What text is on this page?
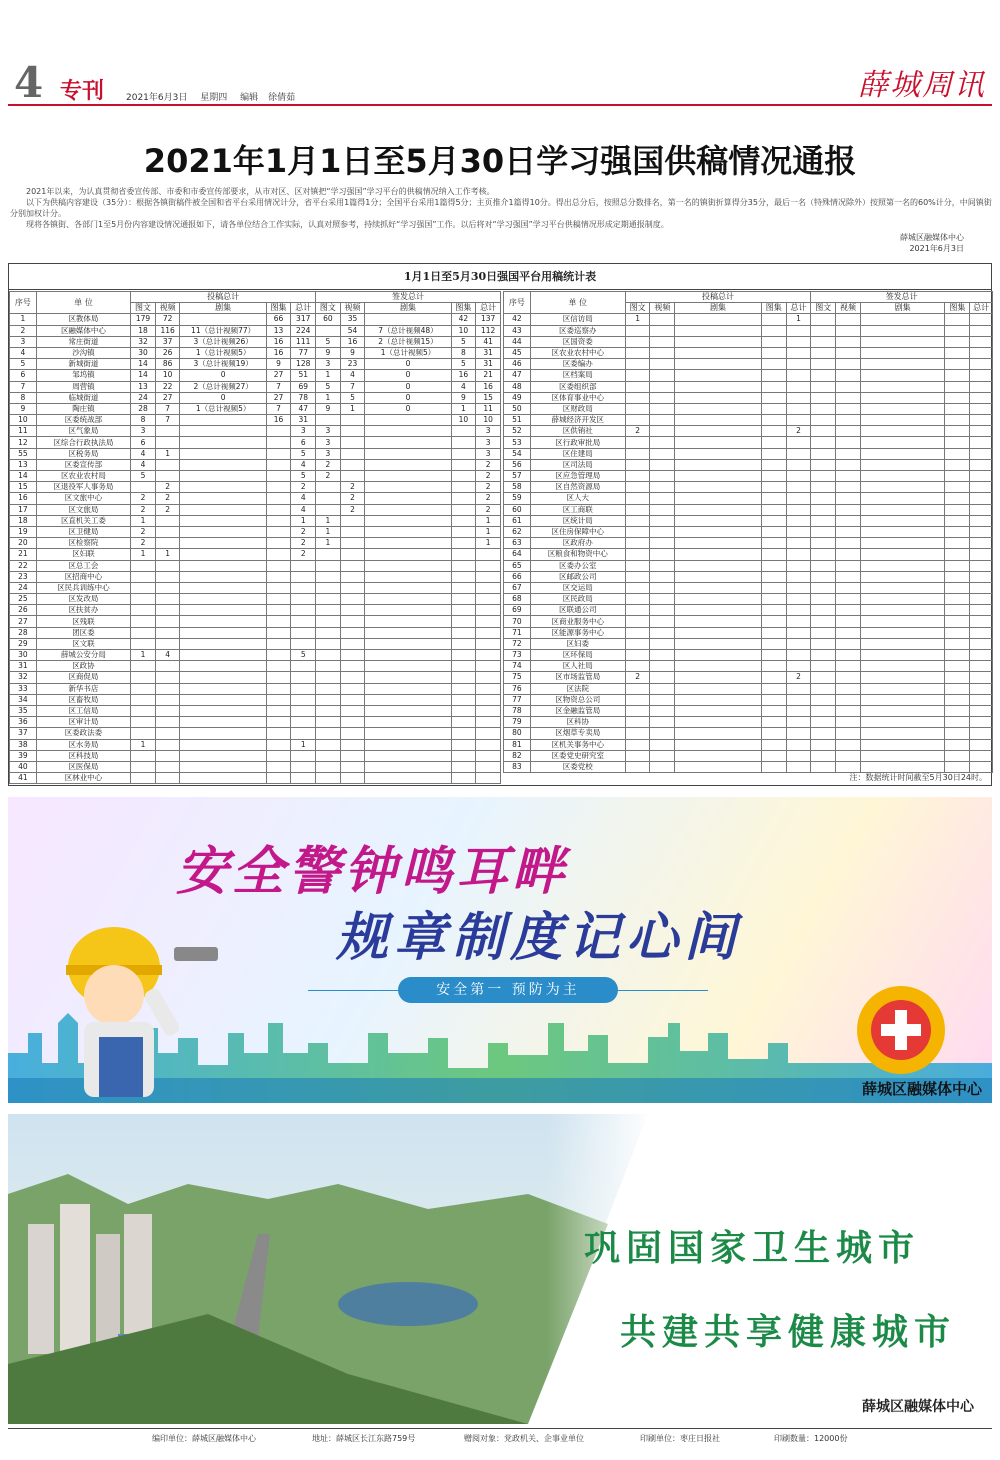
4 专刊 2021年6月3日 星期四 编辑 徐倩茹	薛城周讯
2021年1月1日至5月30日学习强国供稿情况通报

2021年以来，为认真贯彻省委宣传部、市委和市委宣传部要求，从市对区、区对镇把“学习强国”学习平台的供稿情况纳入工作考核。

以下为供稿内容建设（35分）：根据各镇街稿件被全国和省平台采用情况计分，省平台采用1篇得1分；全国平台采用1篇得5分；主页推介1篇得10分。得出总分后，按照总分数排名，第一名的镇街折算得分35分，最后一名（特殊情况除外）按照第一名的60%计分，中间镇街分别加权计分。

现将各镇街、各部门1至5月份内容建设情况通报如下，请各单位结合工作实际，认真对照参考，持续抓好“学习强国”工作。以后将对“学习强国”学习平台供稿情况形成定期通报制度。

薛城区融媒体中心
2021年6月3日
1月1日至5月30日强国平台用稿统计表
序号	单 位	投稿总计					签发总计				
		图文	视频	剧集	图集	总计	图文	视频	剧集	图集	总计
1	区教体局	179	72		66	317	60	35		42	137
2	区融媒体中心	18	116	11（总计视频77）	13	224		54	7（总计视频48）	10	112
3	常庄街道	32	37	3（总计视频26）	16	111	5	16	2（总计视频15）	5	41
4	沙沟镇	30	26	1（总计视频5）	16	77	9	9	1（总计视频5）	8	31
5	新城街道	14	86	3（总计视频19）	9	128	3	23	0	5	31
6	邹坞镇	14	10	0	27	51	1	4	0	16	21
7	周营镇	13	22	2（总计视频27）	7	69	5	7	0	4	16
8	临城街道	24	27	0	27	78	1	5	0	9	15
9	陶庄镇	28	7	1（总计视频5）	7	47	9	1	0	1	11
10	区委统战部	8	7		16	31				10	10
11	区气象局	3				3	3				3
12	区综合行政执法局	6				6	3				3
55	区税务局	4	1			5	3				3
13	区委宣传部	4				4	2				2
14	区农业农村局	5				5	2				2
15	区退役军人事务局		2			2		2			2
16	区文旅中心	2	2			4		2			2
17	区文旅局	2	2			4		2			2
18	区直机关工委	1				1	1				1
19	区卫健局	2				2	1				1
20	区检察院	2				2	1				1
21	区妇联	1	1			2					
22	区总工会										
23	区招商中心										
24	区民兵训练中心										
25	区发改局										
26	区扶贫办										
27	区残联										
28	团区委										
29	区文联										
30	薛城公安分局	1	4			5					
31	区政协										
32	区商促局										
33	新华书店										
34	区畜牧局										
35	区工信局										
36	区审计局										
37	区委政法委										
38	区水务局	1				1					
39	区科技局										
40	区医保局										
41	区林业中心										
序号	单 位	投稿总计					签发总计				
		图文	视频	剧集	图集	总计	图文	视频	剧集	图集	总计
42	区信访局	1				1					
43	区委巡察办										
44	区国资委										
45	区农业农村中心										
46	区委编办										
47	区档案局										
48	区委组织部										
49	区体育事业中心										
50	区财政局										
51	薛城经济开发区										
52	区供销社	2				2					
53	区行政审批局										
54	区住建局										
56	区司法局										
57	区应急管理局										
58	区自然资源局										
59	区人大										
60	区工商联										
61	区统计局										
62	区住房保障中心										
63	区政府办										
64	区粮食和物资中心										
65	区委办公室										
66	区邮政公司										
67	区交运局										
68	区民政局										
69	区联通公司										
70	区商业服务中心										
71	区能源事务中心										
72	区妇委										
73	区环保局										
74	区人社局										
75	区市场监管局	2				2					
76	区法院										
77	区物资总公司										
78	区金融监管局										
79	区科协										
80	区烟草专卖局										
81	区机关事务中心										
82	区委党史研究室										
83	区委党校										
注：数据统计时间截至5月30日24时。
安全警钟鸣耳畔
规章制度记心间
安全第一 预防为主
薛城区融媒体中心
巩固国家卫生城市
共建共享健康城市
薛城区融媒体中心
编印单位：薛城区融媒体中心	地址：薛城区长江东路759号	赠阅对象：党政机关、企事业单位	印刷单位：枣庄日报社	印刷数量：12000份
